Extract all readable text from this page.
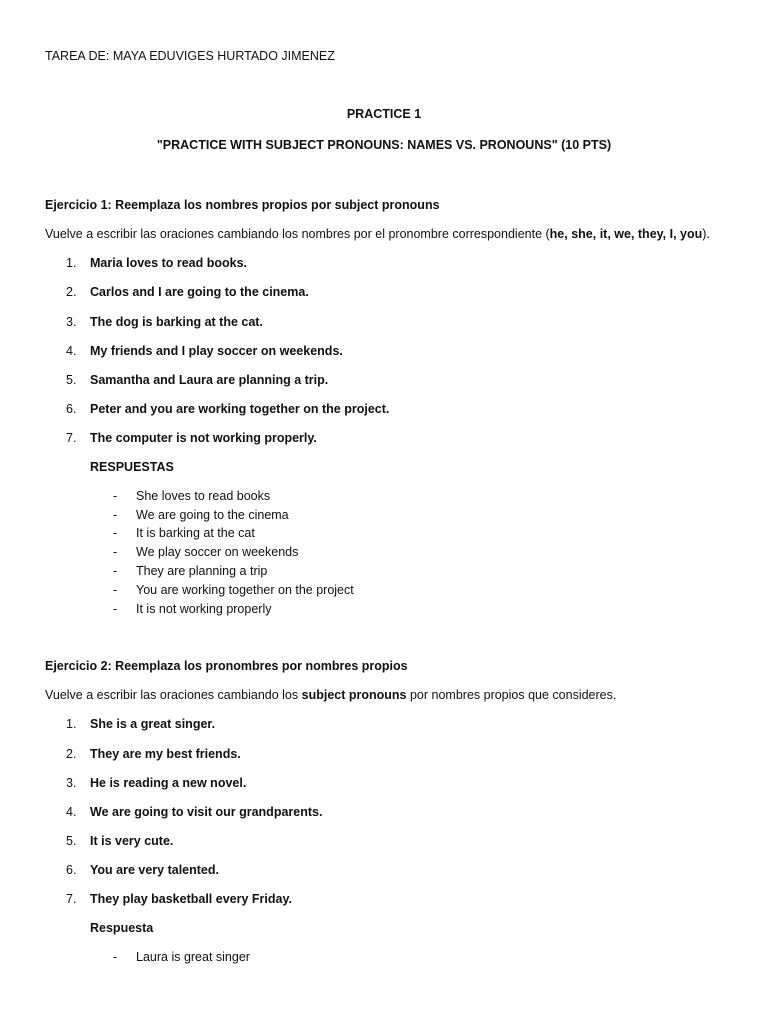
TAREA DE: MAYA EDUVIGES HURTADO JIMENEZ
PRACTICE 1
"PRACTICE WITH SUBJECT PRONOUNS: NAMES VS. PRONOUNS" (10 PTS)
Ejercicio 1: Reemplaza los nombres propios por subject pronouns
Vuelve a escribir las oraciones cambiando los nombres por el pronombre correspondiente (he, she, it, we, they, I, you).
1. Maria loves to read books.
2. Carlos and I are going to the cinema.
3. The dog is barking at the cat.
4. My friends and I play soccer on weekends.
5. Samantha and Laura are planning a trip.
6. Peter and you are working together on the project.
7. The computer is not working properly.
RESPUESTAS
- She loves to read books
- We are going to the cinema
- It is barking at the cat
- We play soccer on weekends
- They are planning a trip
- You are working together on the project
- It is not working properly
Ejercicio 2: Reemplaza los pronombres por nombres propios
Vuelve a escribir las oraciones cambiando los subject pronouns por nombres propios que consideres.
1. She is a great singer.
2. They are my best friends.
3. He is reading a new novel.
4. We are going to visit our grandparents.
5. It is very cute.
6. You are very talented.
7. They play basketball every Friday.
Respuesta
- Laura is great singer
